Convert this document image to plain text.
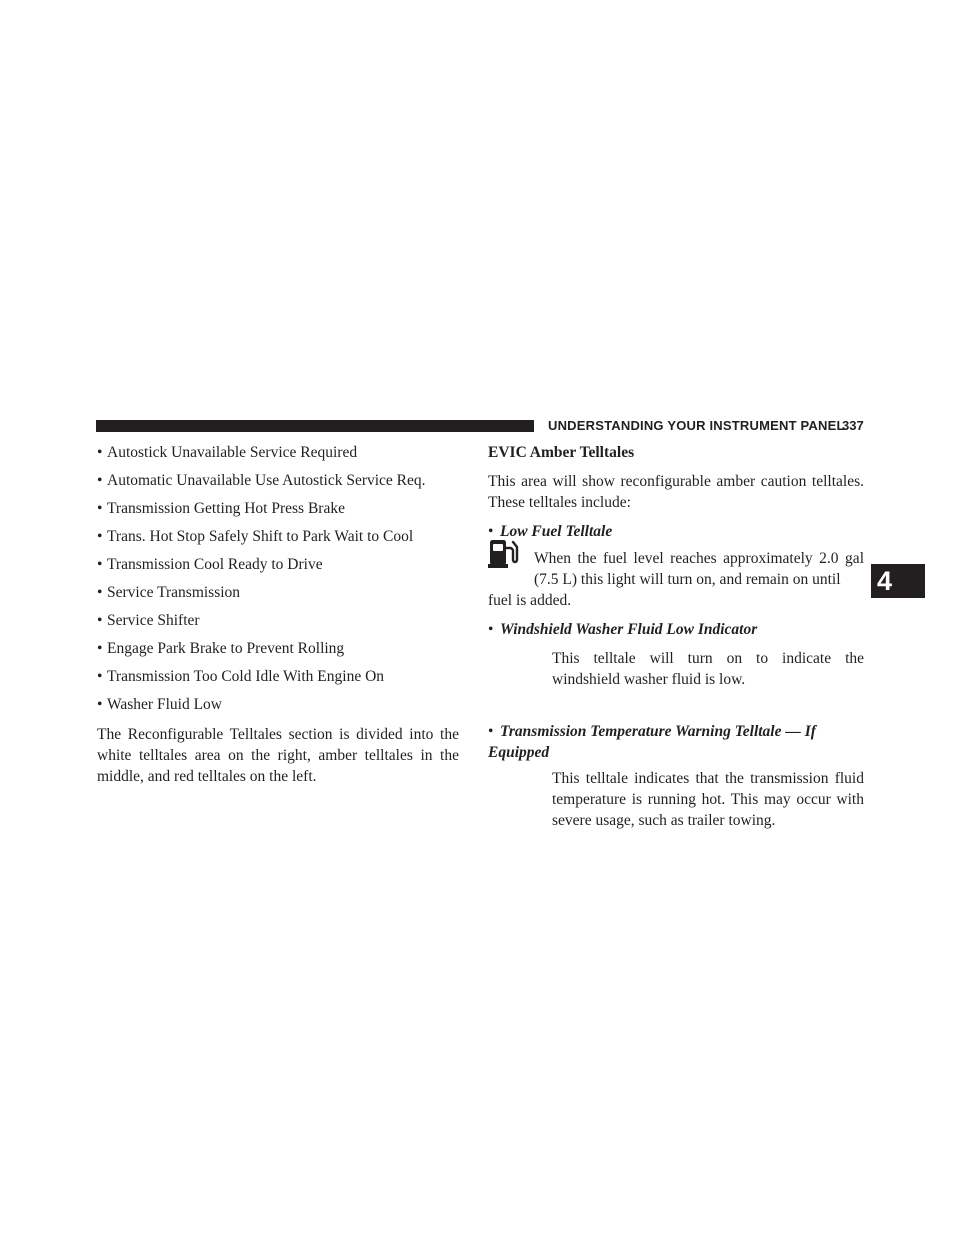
UNDERSTANDING YOUR INSTRUMENT PANEL
337
4
• Autostick Unavailable Service Required
• Automatic Unavailable Use Autostick Service Req.
• Transmission Getting Hot Press Brake
• Trans. Hot Stop Safely Shift to Park Wait to Cool
• Transmission Cool Ready to Drive
• Service Transmission
• Service Shifter
• Engage Park Brake to Prevent Rolling
• Transmission Too Cold Idle With Engine On
• Washer Fluid Low

The Reconfigurable Telltales section is divided into the white telltales area on the right, amber telltales in the middle, and red telltales on the left.

EVIC Amber Telltales

This area will show reconfigurable amber caution telltales. These telltales include:

• Low Fuel Telltale

When the fuel level reaches approximately 2.0 gal (7.5 L) this light will turn on, and remain on until
fuel is added.

• Windshield Washer Fluid Low Indicator

This telltale will turn on to indicate the windshield washer fluid is low.

• Transmission Temperature Warning Telltale — If Equipped

This telltale indicates that the transmission fluid temperature is running hot. This may occur with severe usage, such as trailer towing.
